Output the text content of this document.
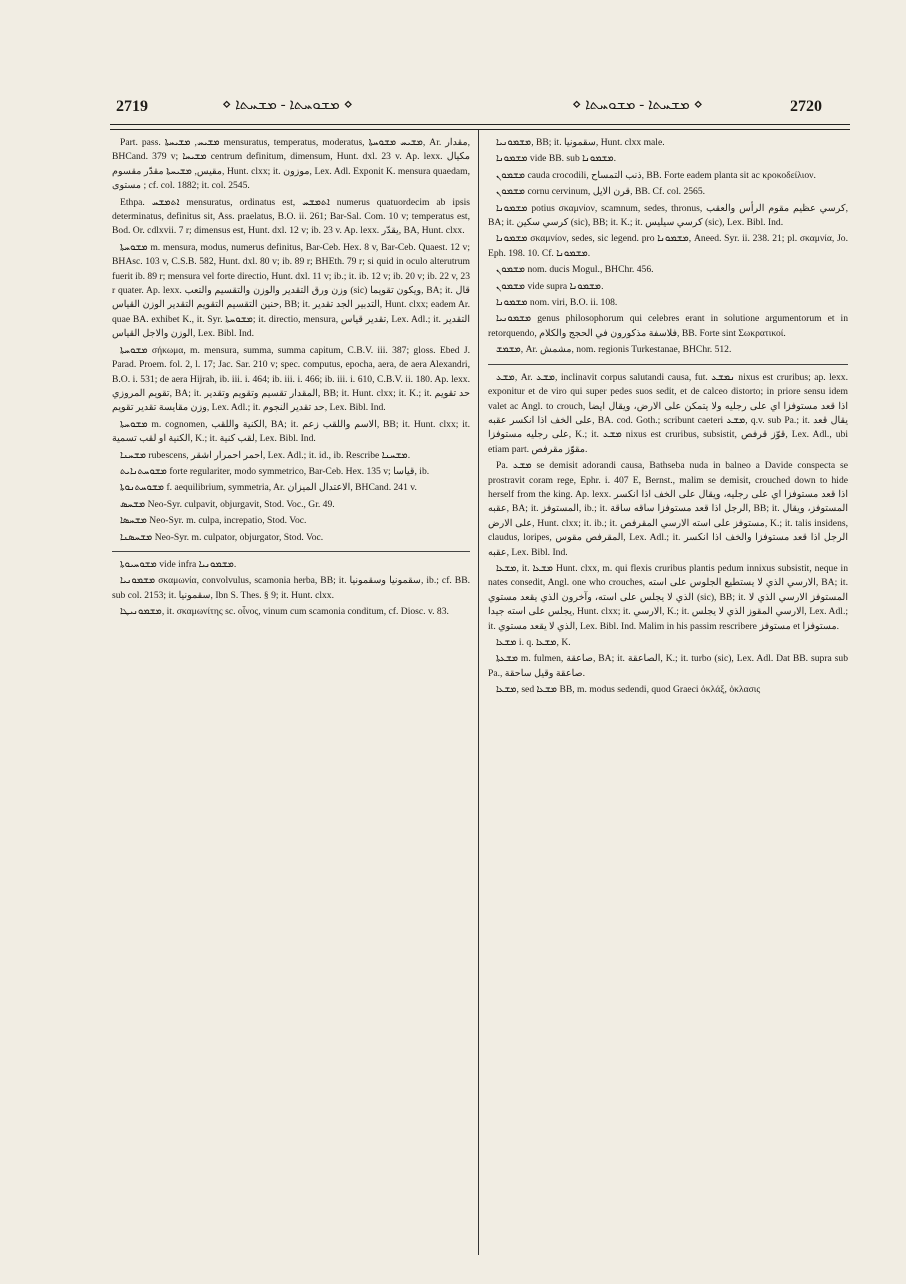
2719	⋄ ܡܫܘܚܬܐ - ܡܫܚܬܐ ⋄	⋄ ܡܫܚܬܐ - ܡܫܘܚܬܐ ⋄	2720

Part. pass. ܡܫܝܚ, ܡܫܝܚܬܐ mensuratus, temperatus, moderatus, ܡܫܝܚ ܡܫܘܚܬܐ, Ar. مقدار, BHCand. 379 v; ܡܫܝܚܐ centrum definitum, dimensum, Hunt. dxl. 23 v. Ap. lexx. مكيال مقيس, ܡܫܝܚܬܐ مقدّر مقسوم, Hunt. clxx; it. موزون, Lex. Adl. Exponit K. mensura quaedam, مستوى ; cf. col. 1882; it. col. 2545.

Ethpa. ܐܬܡܫܚ mensuratus, ordinatus est, ܐܬܡܫܚ numerus quatuordecim ab ipsis determinatus, definitus sit, Ass. praelatus, B.O. ii. 261; Bar-Sal. Com. 10 v; temperatus est, Bod. Or. cdlxvii. 7 r; dimensus est, Hunt. dxl. 12 v; ib. 23 v. Ap. lexx. يقدّر, BA, Hunt. clxx.

ܡܫܘܚܬܐ m. mensura, modus, numerus definitus, Bar-Ceb. Hex. 8 v, Bar-Ceb. Quaest. 12 v; BHAsc. 103 v, C.S.B. 582, Hunt. dxl. 80 v; ib. 89 r; BHEth. 79 r; si quid in oculo alterutrum fuerit ib. 89 r; mensura vel forte directio, Hunt. dxl. 11 v; ib.; it. ib. 12 v; ib. 20 v; ib. 22 v, 23 r quater. Ap. lexx. وزن ورق التقدير والوزن والتقسيم والتعب (sic) ويكون تقويما, BA; it. قال حنين التقسيم التقويم التقدير الوزن القياس, BB; it. التدبير الجد تقدير, Hunt. clxx; eadem Ar. quae BA. exhibet K., it. Syr. ܡܫܘܚܬܐ; it. directio, mensura, تقدير قياس, Lex. Adl.; it. التقدير الوزن والاجل القياس, Lex. Bibl. Ind.

ܡܫܘܚܬܐ σήκωμα, m. mensura, summa, summa capitum, C.B.V. iii. 387; gloss. Ebed J. Parad. Proem. fol. 2, l. 17; Jac. Sar. 210 v; spec. computus, epocha, aera, de aera Alexandri, B.O. i. 531; de aera Hijrah, ib. iii. i. 464; ib. iii. i. 466; ib. iii. i. 610, C.B.V. ii. 180. Ap. lexx. تقويم المروزي, BA; it. المقدار تقسيم وتقويم وتقدير, BB; it. Hunt. clxx; it. K.; it. حد تقويم وزن مقايسة تقدير تقويم, Lex. Adl.; it. حد تقدير النجوم, Lex. Bibl. Ind.

ܡܫܘܚܬܐ m. cognomen, الكنية واللقب, BA; it. الاسم واللقب زعم, BB; it. Hunt. clxx; it. الكنية او لقب تسمية, K.; it. لقب كنية, Lex. Bibl. Ind.

ܡܫܚܢܐ rubescens, احمر احمرار اشقر, Lex. Adl.; it. id., ib. Rescribe ܡܫܚܢܐ.

ܡܫܘܚܬܢܐܝܬ forte regulariter, modo symmetrico, Bar-Ceb. Hex. 135 v; قياسا, ib.

ܡܫܘܚܬܢܘܬܐ f. aequilibrium, symmetria, Ar. الاعتدال الميزان, BHCand. 241 v.

ܡܫܚܣ Neo-Syr. culpavit, objurgavit, Stod. Voc., Gr. 49.

ܡܫܚܣܐ Neo-Syr. m. culpa, increpatio, Stod. Voc.

ܡܫܚܣܢܐ Neo-Syr. m. culpator, objurgator, Stod. Voc.

ܡܫܘܚܝܘܬܐ vide infra ܡܫܡܘܢܝܐ.

ܡܫܡܘܢܝܐ σκαμωνία, convolvulus, scamonia herba, BB; it. سقمونيا وسقمونيا, ib.; cf. BB. sub col. 2153; it. سقمونيا, Ibn S. Thes. § 9; it. Hunt. clxx.

ܡܫܡܘܢܝܛܐ, it. σκαμωνίτης sc. οἶνος, vinum cum scamonia conditum, cf. Diosc. v. 83.

ܡܫܡܘܢܝܐ, BB; it. سقمونيا, Hunt. clxx male.

ܡܫܡܘܢܐ vide BB. sub ܡܫܡܘܢܐ.

ܡܫܡܘܢ cauda crocodili, ذنب التمساح, BB. Forte eadem planta sit ac κροκοδείλιον.

ܡܫܡܘܢ cornu cervinum, قرن الايل, BB. Cf. col. 2565.

ܡܫܡܘܢܐ potius σκαμνίον, scamnum, sedes, thronus, كرسي عظيم مقوم الرأس والعقب, BA; it. كرسي سكين (sic), BB; it. K.; it. كرسي سيليس (sic), Lex. Bibl. Ind.

ܡܫܡܘܢܐ σκαμνίον, sedes, sic legend. pro ܡܫܡܘܢܐ, Aneed. Syr. ii. 238. 21; pl. σκαμνία, Jo. Eph. 198. 10. Cf. ܡܫܡܘܢܐ.

ܡܫܡܘܢ nom. ducis Mogul., BHChr. 456.

ܡܫܡܘܢ vide supra ܡܫܡܘܢܐ.

ܡܫܡܘܢܐ nom. viri, B.O. ii. 108.

ܡܫܡܘܢܝܐ genus philosophorum qui celebres erant in solutione argumentorum et in retorquendo, فلاسفة مذكورون في الحجج والكلام, BB. Forte sint Σωκρατικοί.

ܡܫܡܫ, Ar. مشمش, nom. regionis Turkestanae, BHChr. 512.

ܡܫܥ, Ar. ܡܫܥ, inclinavit corpus salutandi causa, fut. ܢܡܫܥ nixus est cruribus; ap. lexx. exponitur et de viro qui super pedes suos sedit, et de calceo distorto; in priore sensu idem valet ac Angl. to crouch, اذا قعد مستوفزا اي على رجليه ولا يتمكن على الارض، ويقال ايضا على الخف اذا انكسر عقبه, BA. cod. Goth.; scribunt caeteri ܡܫܥ, q.v. sub Pa.; it. يقال قعد على رجليه مستوفزا, K.; it. ܡܫܥ nixus est cruribus, subsistit, قوّز قرفص, Lex. Adl., ubi etiam part. مقوّز مقرفص.

Pa. ܡܫܥ se demisit adorandi causa, Bathseba nuda in balneo a Davide conspecta se prostravit coram rege, Ephr. i. 407 E, Bernst., malim se demisit, crouched down to hide herself from the king. Ap. lexx. اذا قعد مستوفزا اي على رجليه، ويقال على الخف اذا انكسر عقبه, BA; it. المستوفز, ib.; it. الرجل اذا قعد مستوفزا ساقه ساقة, BB; it. المستوفز، ويقال على الارض, Hunt. clxx; it. ib.; it. مستوفز على استه الارسي المقرفص, K.; it. talis insidens, claudus, loripes, المقرفص مقوس, Lex. Adl.; it. الرجل اذا قعد مستوفزا والخف اذا انكسر عقبه, Lex. Bibl. Ind.

ܡܫܥܐ, it. ܡܫܥܐ Hunt. clxx, m. qui flexis cruribus plantis pedum innixus subsistit, neque in nates consedit, Angl. one who crouches, الارسي الذي لا يستطيع الجلوس على استه, BA; it. الذي لا يجلس على استه، وآخرون الذي يقعد مستوي (sic), BB; it. المستوفز الارسي الذي لا يجلس على استه جيدا, Hunt. clxx; it. الارسي, K.; it. الارسي المقوز الذي لا يجلس, Lex. Adl.; it. الذي لا يقعد مستوي, Lex. Bibl. Ind. Malim in his passim rescribere مستوفز et مستوفزا.

ܡܫܥܐ i. q. ܡܫܥܐ, K.

ܡܫܥܬܐ m. fulmen, صاعقة, BA; it. الصاعقة, K.; it. turbo (sic), Lex. Adl. Dat BB. supra sub Pa., صاعقة وقيل ساحقة.

ܡܫܥܐ, sed ܡܫܥܐ BB, m. modus sedendi, quod Graeci ὀκλάξ, ὀκλασις
